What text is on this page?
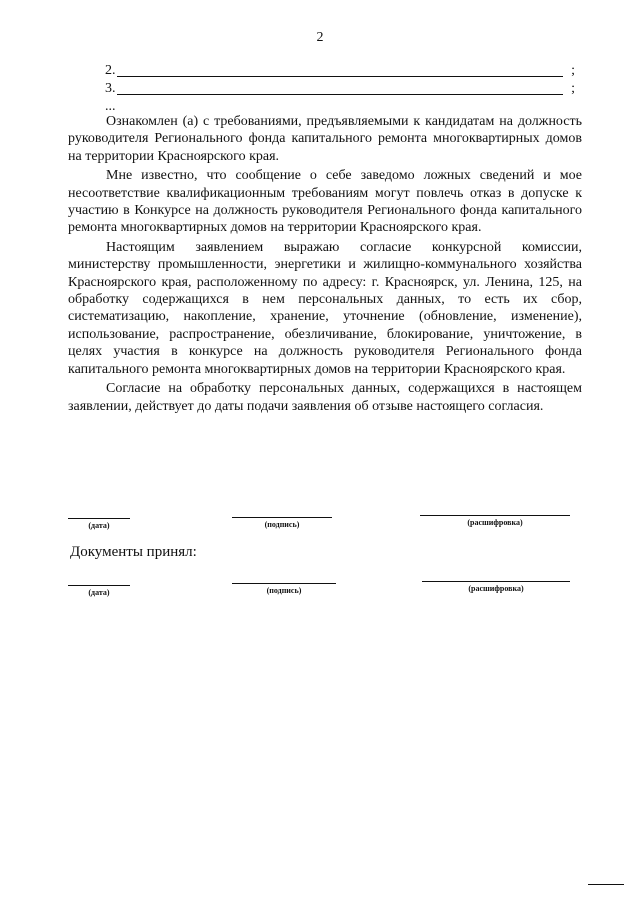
2
2.	;
3.	;
...

Ознакомлен (а) с требованиями, предъявляемыми к кандидатам на должность руководителя Регионального фонда капитального ремонта многоквартирных домов на территории Красноярского края.

Мне известно, что сообщение о себе заведомо ложных сведений и мое несоответствие квалификационным требованиям могут повлечь отказ в допуске к участию в Конкурсе на должность руководителя Регионального фонда капитального ремонта многоквартирных домов на территории Красноярского края.

Настоящим заявлением выражаю согласие конкурсной комиссии, министерству промышленности, энергетики и жилищно-коммунального хозяйства Красноярского края, расположенному по адресу: г. Красноярск, ул. Ленина, 125, на обработку содержащихся в нем персональных данных, то есть их сбор, систематизацию, накопление, хранение, уточнение (обновление, изменение), использование, распространение, обезличивание, блокирование, уничтожение, в целях участия в конкурсе на должность руководителя Регионального фонда капитального ремонта многоквартирных домов на территории Красноярского края.

Согласие на обработку персональных данных, содержащихся в настоящем заявлении, действует до даты подачи заявления об отзыве настоящего согласия.

(дата)	(подпись)	(расшифровка)
Документы принял:
(дата)	(подпись)	(расшифровка)
